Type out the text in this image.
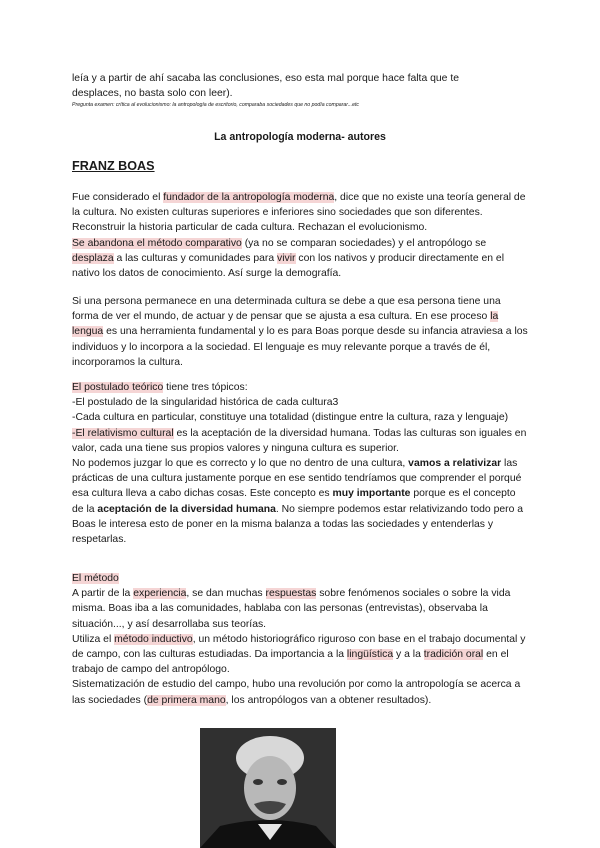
leía y a partir de ahí sacaba las conclusiones, eso esta mal porque hace falta que te

desplaces, no basta solo con leer).

Pregunta examen: crítica al evolucionismo: la antropología de escritorio, comparaba sociedades que no podía comparar...etc

La antropología moderna- autores
FRANZ BOAS

Fue considerado el fundador de la antropología moderna, dice que no existe una teoría general de la cultura. No existen culturas superiores e inferiores sino sociedades que son diferentes. Reconstruir la historia particular de cada cultura. Rechazan el evolucionismo.

Se abandona el método comparativo (ya no se comparan sociedades) y el antropólogo se desplaza a las culturas y comunidades para vivir con los nativos y producir directamente en el nativo los datos de conocimiento. Así surge la demografía.

Si una persona permanece en una determinada cultura se debe a que esa persona tiene una forma de ver el mundo, de actuar y de pensar que se ajusta a esa cultura. En ese proceso la lengua es una herramienta fundamental y lo es para Boas porque desde su infancia atraviesa a los individuos y lo incorpora a la sociedad. El lenguaje es muy relevante porque a través de él, incorporamos la cultura.

El postulado teórico tiene tres tópicos:

-El postulado de la singularidad histórica de cada cultura3

-Cada cultura en particular, constituye una totalidad (distingue entre la cultura, raza y lenguaje)

-El relativismo cultural es la aceptación de la diversidad humana. Todas las culturas son iguales en valor, cada una tiene sus propios valores y ninguna cultura es superior.

No podemos juzgar lo que es correcto y lo que no dentro de una cultura, vamos a relativizar las prácticas de una cultura justamente porque en ese sentido tendríamos que comprender el porqué esa cultura lleva a cabo dichas cosas. Este concepto es muy importante porque es el concepto de la aceptación de la diversidad humana. No siempre podemos estar relativizando todo pero a Boas le interesa esto de poner en la misma balanza a todas las sociedades y entenderlas y respetarlas.

El método

A partir de la experiencia, se dan muchas respuestas sobre fenómenos sociales o sobre la vida misma. Boas iba a las comunidades, hablaba con las personas (entrevistas), observaba la situación..., y así desarrollaba sus teorías.

Utiliza el método inductivo, un método historiográfico riguroso con base en el trabajo documental y de campo, con las culturas estudiadas. Da importancia a la lingüística y a la tradición oral en el trabajo de campo del antropólogo.

Sistematización de estudio del campo, hubo una revolución por como la antropología se acerca a las sociedades (de primera mano, los antropólogos van a obtener resultados).
